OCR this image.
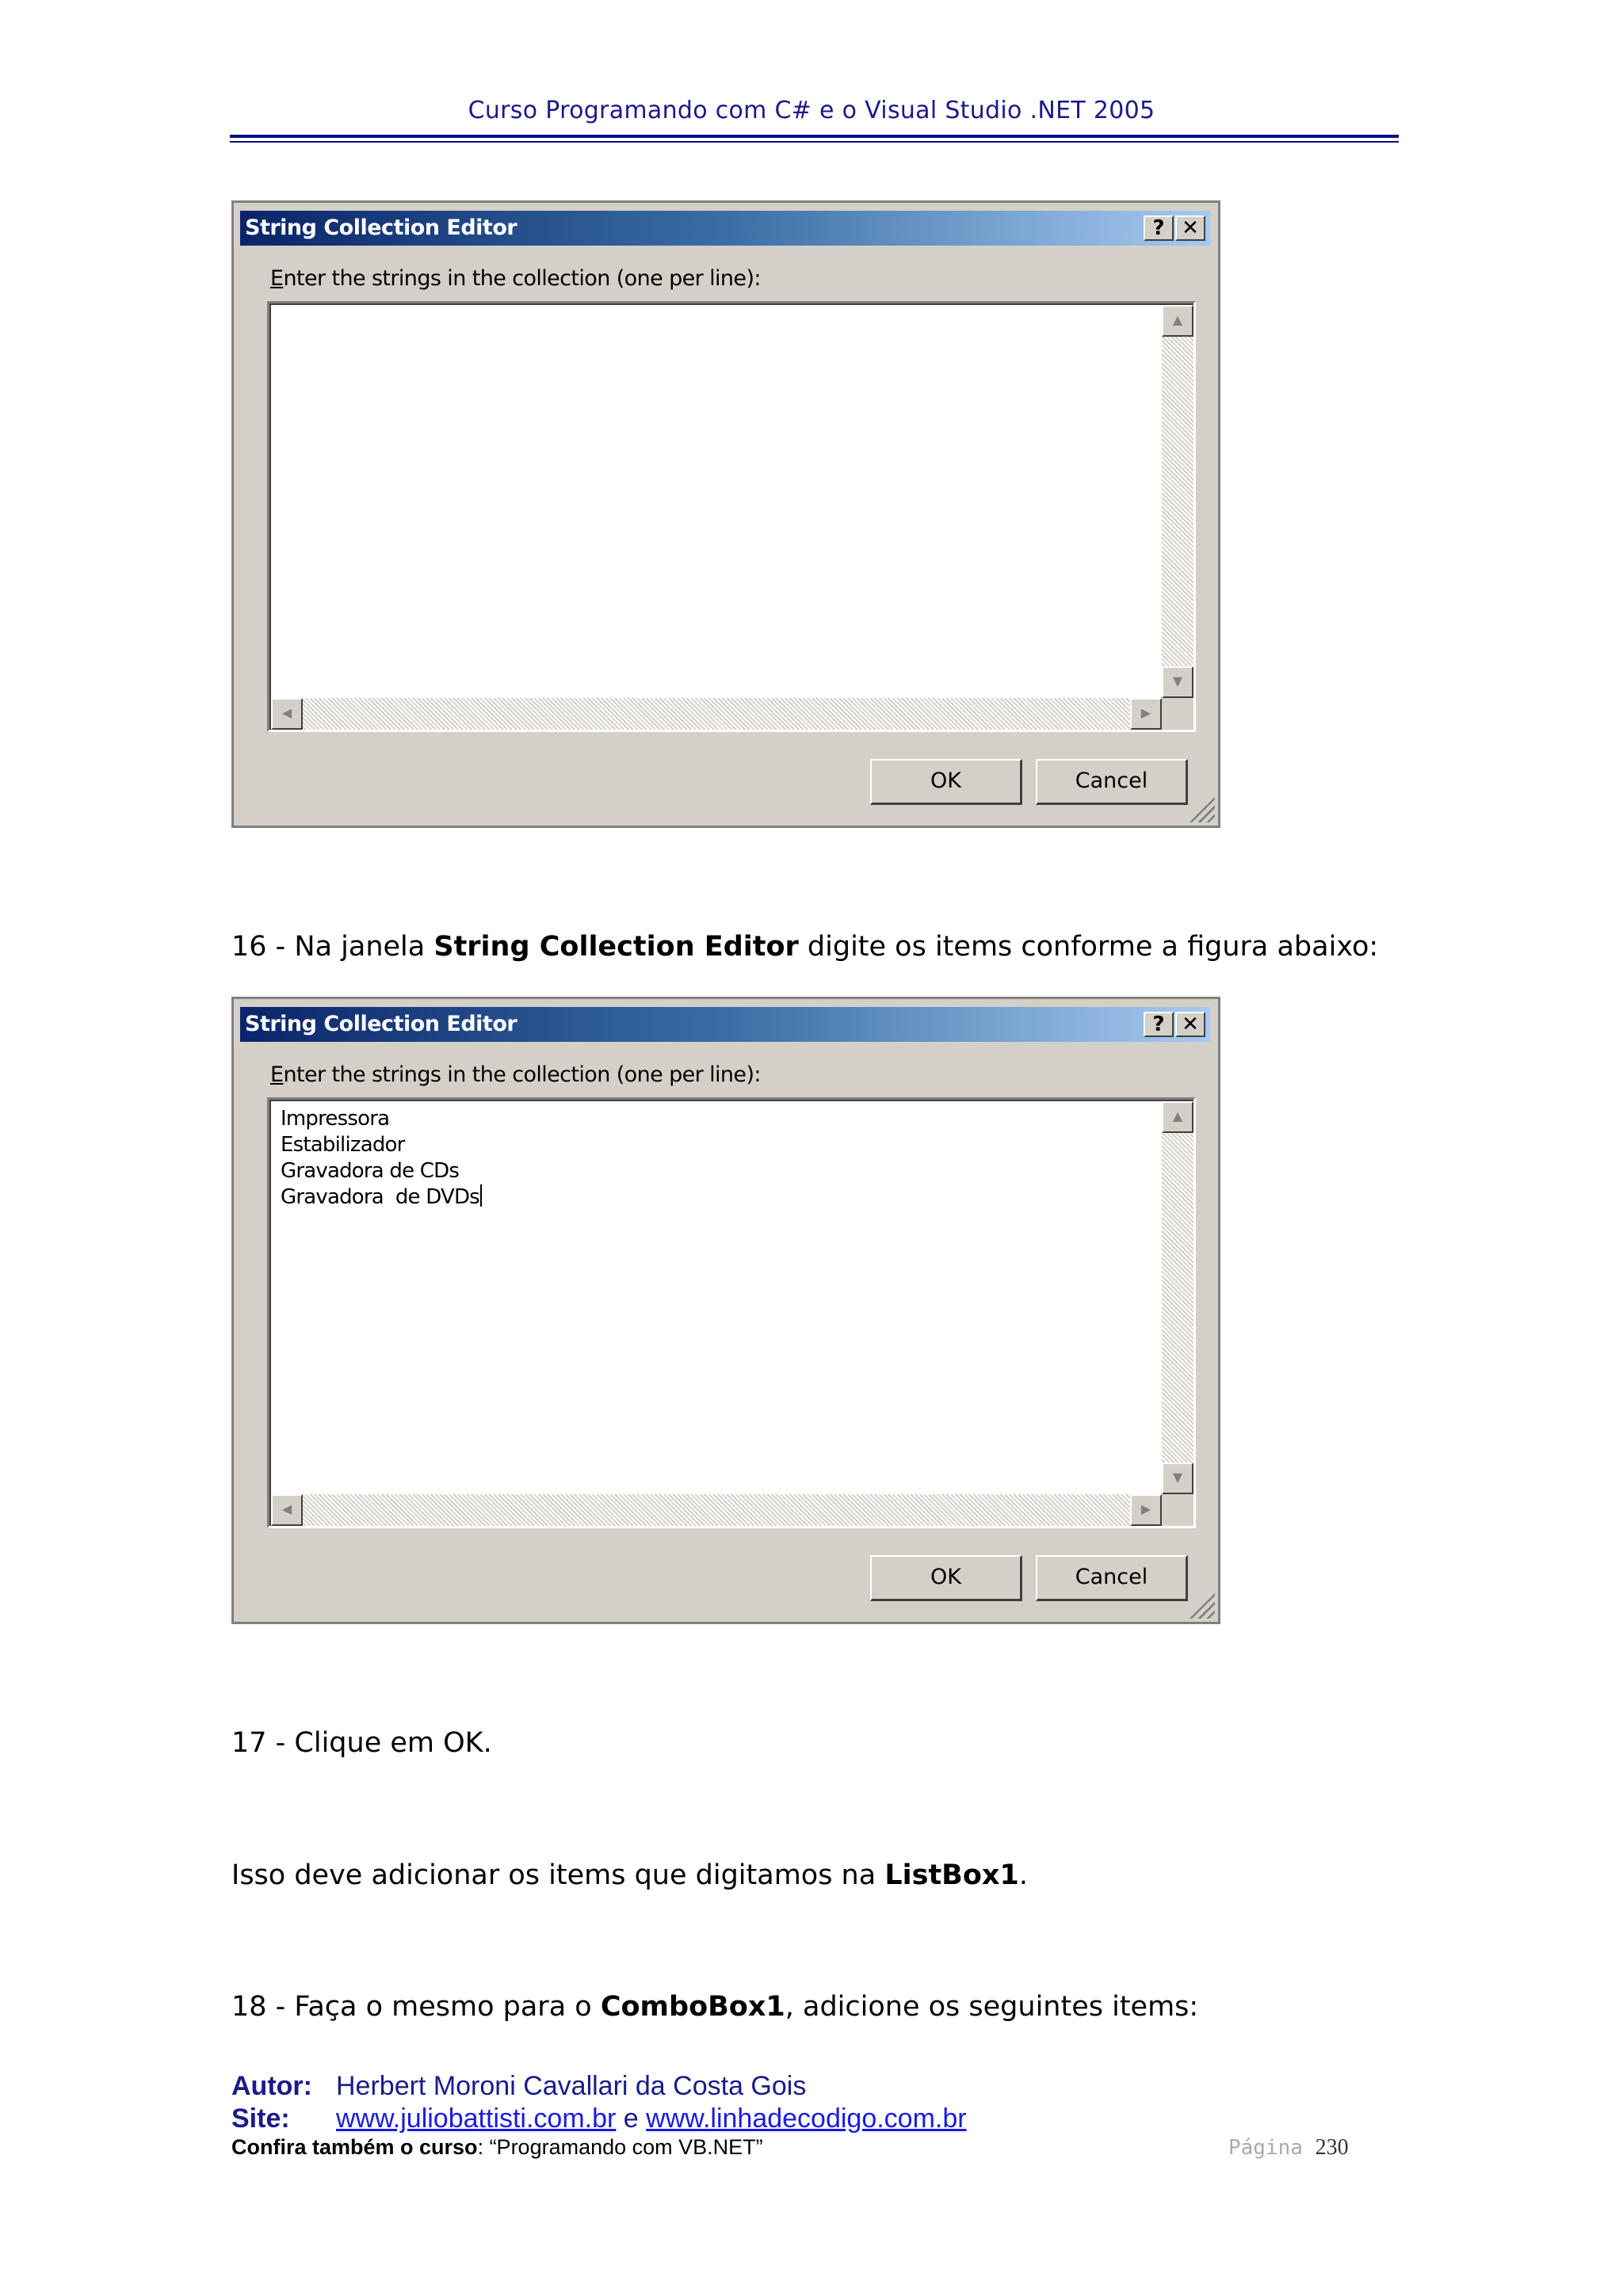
Curso Programando com C# e o Visual Studio .NET 2005
String Collection Editor	? ✕
Enter the strings in the collection (one per line):
▲
▼
◀	▶
OK	Cancel
16 - Na janela String Collection Editor digite os items conforme a figura abaixo:
String Collection Editor	? ✕
Enter the strings in the collection (one per line):
Impressora
Estabilizador
Gravadora de CDs
Gravadora  de DVDs
▲
▼
◀	▶
OK	Cancel
17 - Clique em OK.
Isso deve adicionar os items que digitamos na ListBox1.
18 - Faça o mesmo para o ComboBox1, adicione os seguintes items:
Autor: Herbert Moroni Cavallari da Costa Gois
Site: www.juliobattisti.com.br e www.linhadecodigo.com.br
Confira também o curso: “Programando com VB.NET”	Página 230
